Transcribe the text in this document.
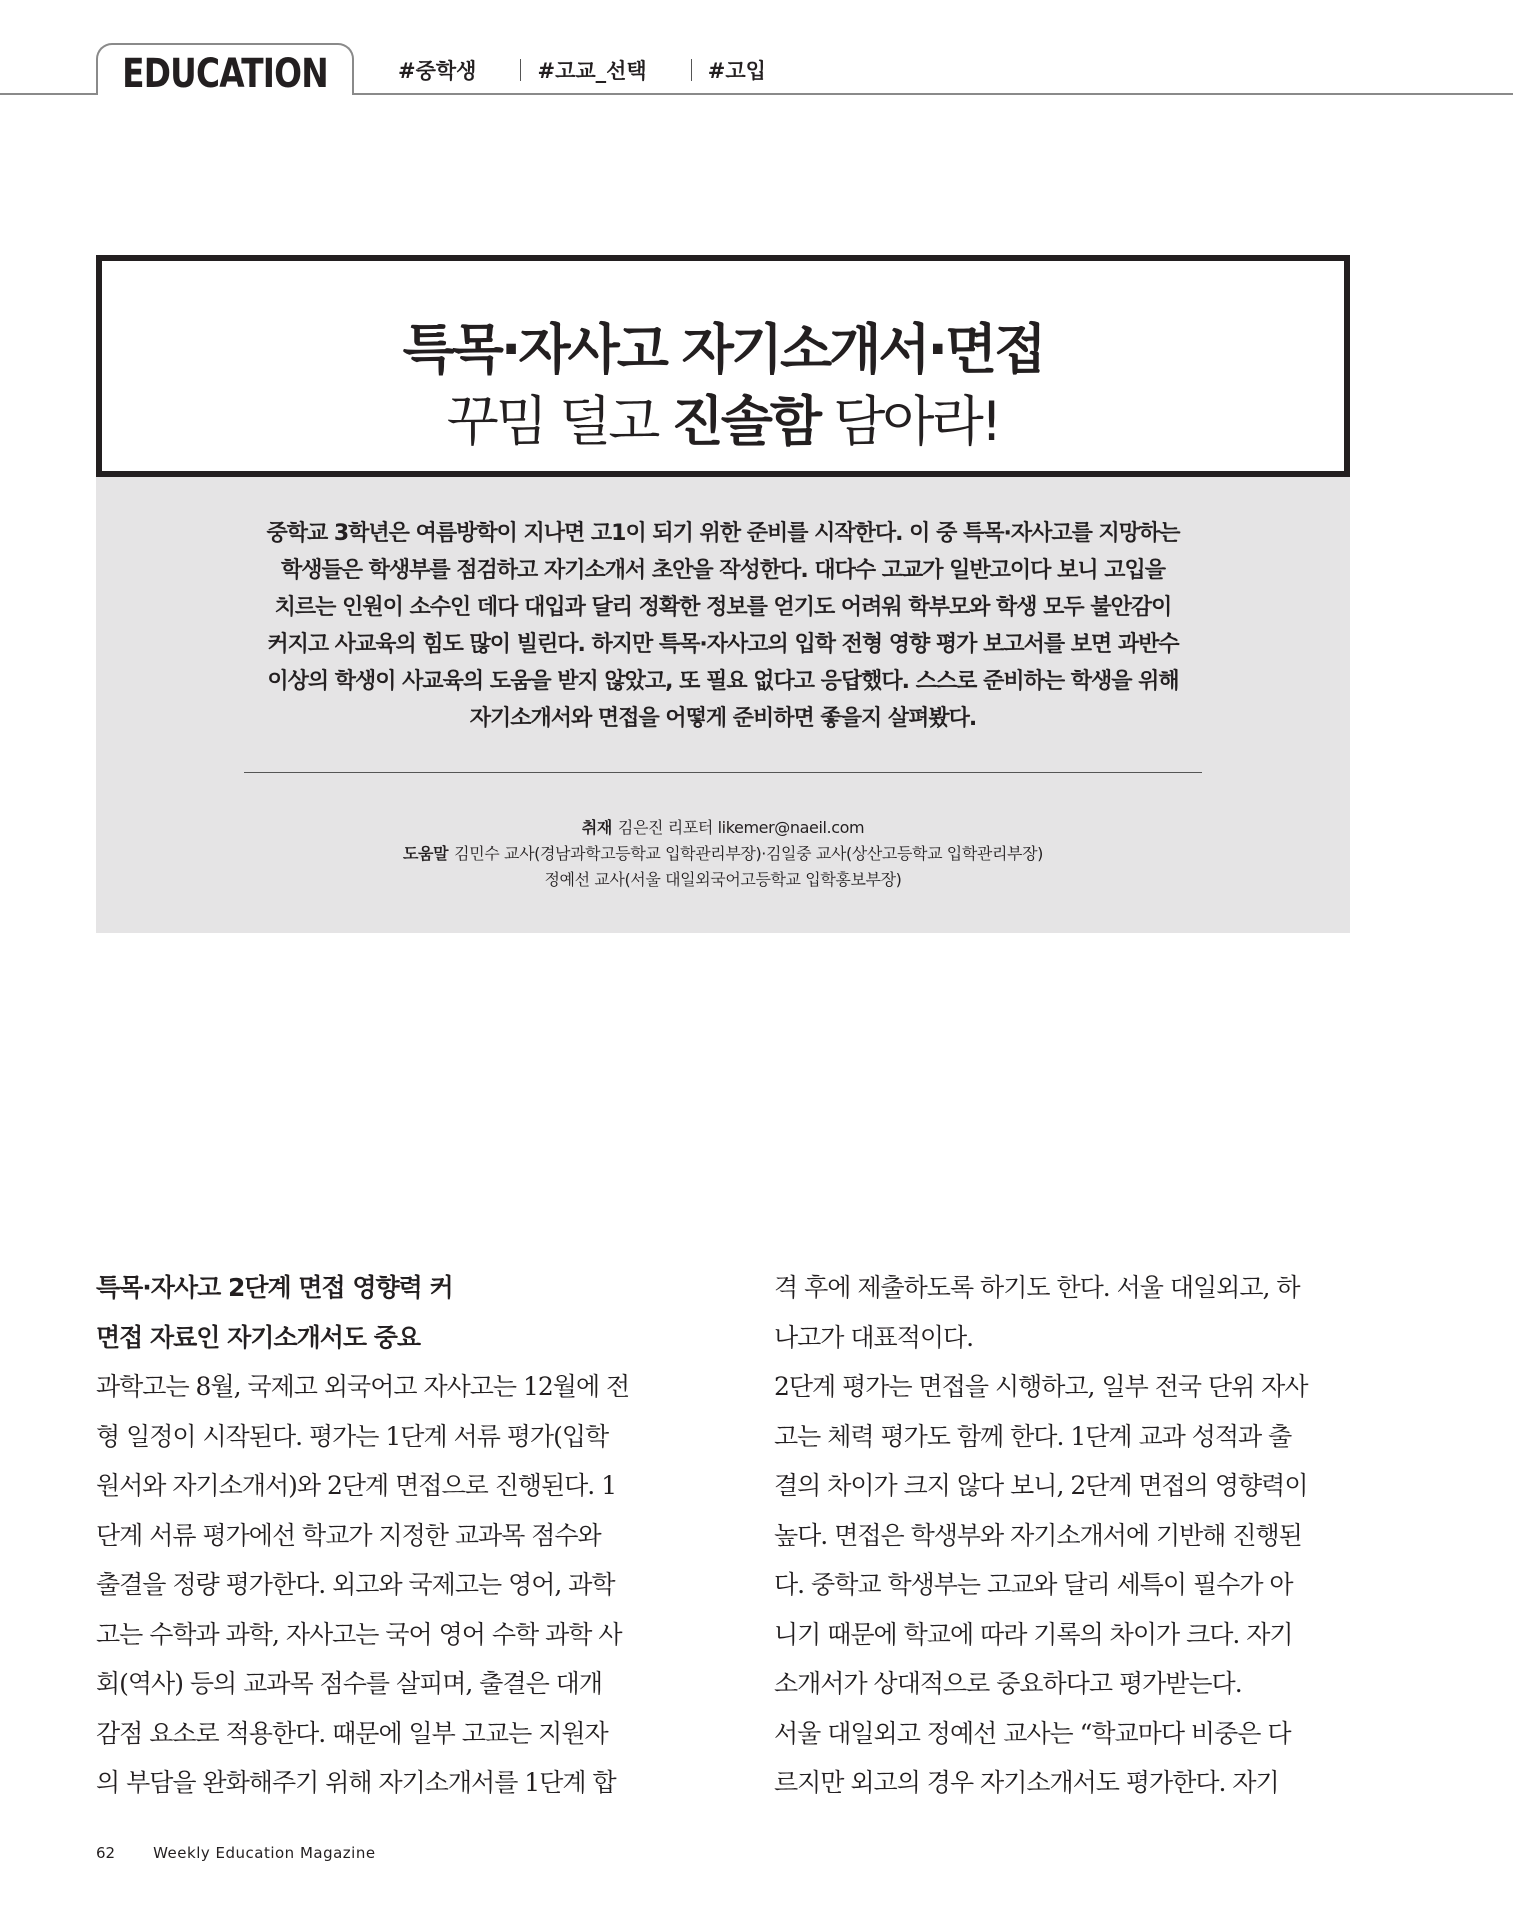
EDUCATION	#중학생	#고교_선택	#고입
특목·자사고 자기소개서·면접
꾸밈 덜고 진솔함 담아라!
중학교 3학년은 여름방학이 지나면 고1이 되기 위한 준비를 시작한다. 이 중 특목·자사고를 지망하는
학생들은 학생부를 점검하고 자기소개서 초안을 작성한다. 대다수 고교가 일반고이다 보니 고입을
치르는 인원이 소수인 데다 대입과 달리 정확한 정보를 얻기도 어려워 학부모와 학생 모두 불안감이
커지고 사교육의 힘도 많이 빌린다. 하지만 특목·자사고의 입학 전형 영향 평가 보고서를 보면 과반수
이상의 학생이 사교육의 도움을 받지 않았고, 또 필요 없다고 응답했다. 스스로 준비하는 학생을 위해
자기소개서와 면접을 어떻게 준비하면 좋을지 살펴봤다.
취재 김은진 리포터 likemer@naeil.com
도움말 김민수 교사(경남과학고등학교 입학관리부장)·김일중 교사(상산고등학교 입학관리부장)
정예선 교사(서울 대일외국어고등학교 입학홍보부장)
특목·자사고 2단계 면접 영향력 커
면접 자료인 자기소개서도 중요
과학고는 8월, 국제고 외국어고 자사고는 12월에 전
형 일정이 시작된다. 평가는 1단계 서류 평가(입학
원서와 자기소개서)와 2단계 면접으로 진행된다. 1
단계 서류 평가에선 학교가 지정한 교과목 점수와
출결을 정량 평가한다. 외고와 국제고는 영어, 과학
고는 수학과 과학, 자사고는 국어 영어 수학 과학 사
회(역사) 등의 교과목 점수를 살피며, 출결은 대개
감점 요소로 적용한다. 때문에 일부 고교는 지원자
의 부담을 완화해주기 위해 자기소개서를 1단계 합
격 후에 제출하도록 하기도 한다. 서울 대일외고, 하
나고가 대표적이다.
2단계 평가는 면접을 시행하고, 일부 전국 단위 자사
고는 체력 평가도 함께 한다. 1단계 교과 성적과 출
결의 차이가 크지 않다 보니, 2단계 면접의 영향력이
높다. 면접은 학생부와 자기소개서에 기반해 진행된
다. 중학교 학생부는 고교와 달리 세특이 필수가 아
니기 때문에 학교에 따라 기록의 차이가 크다. 자기
소개서가 상대적으로 중요하다고 평가받는다.
서울 대일외고 정예선 교사는 “학교마다 비중은 다
르지만 외고의 경우 자기소개서도 평가한다. 자기
62	Weekly Education Magazine
